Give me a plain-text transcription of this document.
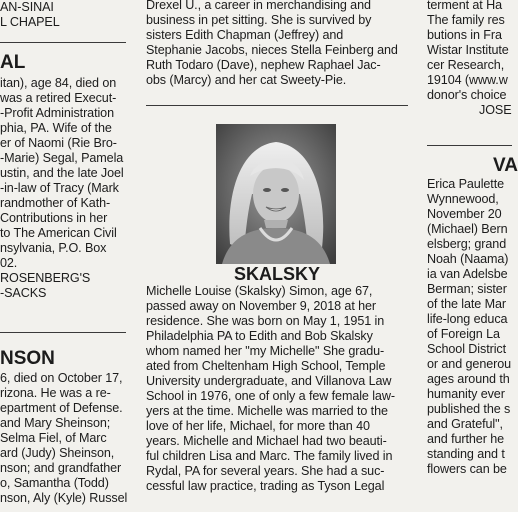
AN-SINAI
L CHAPEL
AL
itan), age 84, died on
was a retired Execut-
-Profit Administration
phia, PA. Wife of the
er of Naomi (Rie Bro-
-Marie) Segal, Pamela
ustin, and the late Joel
-in-law of Tracy (Mark
randmother of Kath-
Contributions in her
to The American Civil
nsylvania, P.O. Box
02.
ROSENBERG'S
-SACKS
NSON
6, died on October 17,
rizona. He was a re-
epartment of Defense.
and Mary Sheinson;
Selma Fiel, of Marc
ard (Judy) Sheinson,
nson; and grandfather
o, Samantha (Todd)
nson, Aly (Kyle) Russel
Drexel U., a career in merchandising and
business in pet sitting. She is survived by
sisters Edith Chapman (Jeffrey) and
Stephanie Jacobs, nieces Stella Feinberg and
Ruth Todaro (Dave), nephew Raphael Jac-
obs (Marcy) and her cat Sweety-Pie.
SKALSKY
Michelle Louise (Skalsky) Simon, age 67,
passed away on November 9, 2018 at her
residence. She was born on May 1, 1951 in
Philadelphia PA to Edith and Bob Skalsky
whom named her "my Michelle" She gradu-
ated from Cheltenham High School, Temple
University undergraduate, and Villanova Law
School in 1976, one of only a few female law-
yers at the time. Michelle was married to the
love of her life, Michael, for more than 40
years. Michelle and Michael had two beauti-
ful children Lisa and Marc. The family lived in
Rydal, PA for several years. She had a suc-
cessful law practice, trading as Tyson Legal
terment at Ha
The family res
butions in Fra
Wistar Institute
cer Research,
19104 (www.w
donor's choice
JOSE
VA
Erica Paulette
Wynnewood,
November 20
(Michael) Bern
elsberg; grand
Noah (Naama)
ia van Adelsbe
Berman; sister
of the late Mar
life-long educa
of Foreign La
School District
or and generou
ages around th
humanity ever
published the s
and Grateful",
and further he
standing and t
flowers can be
